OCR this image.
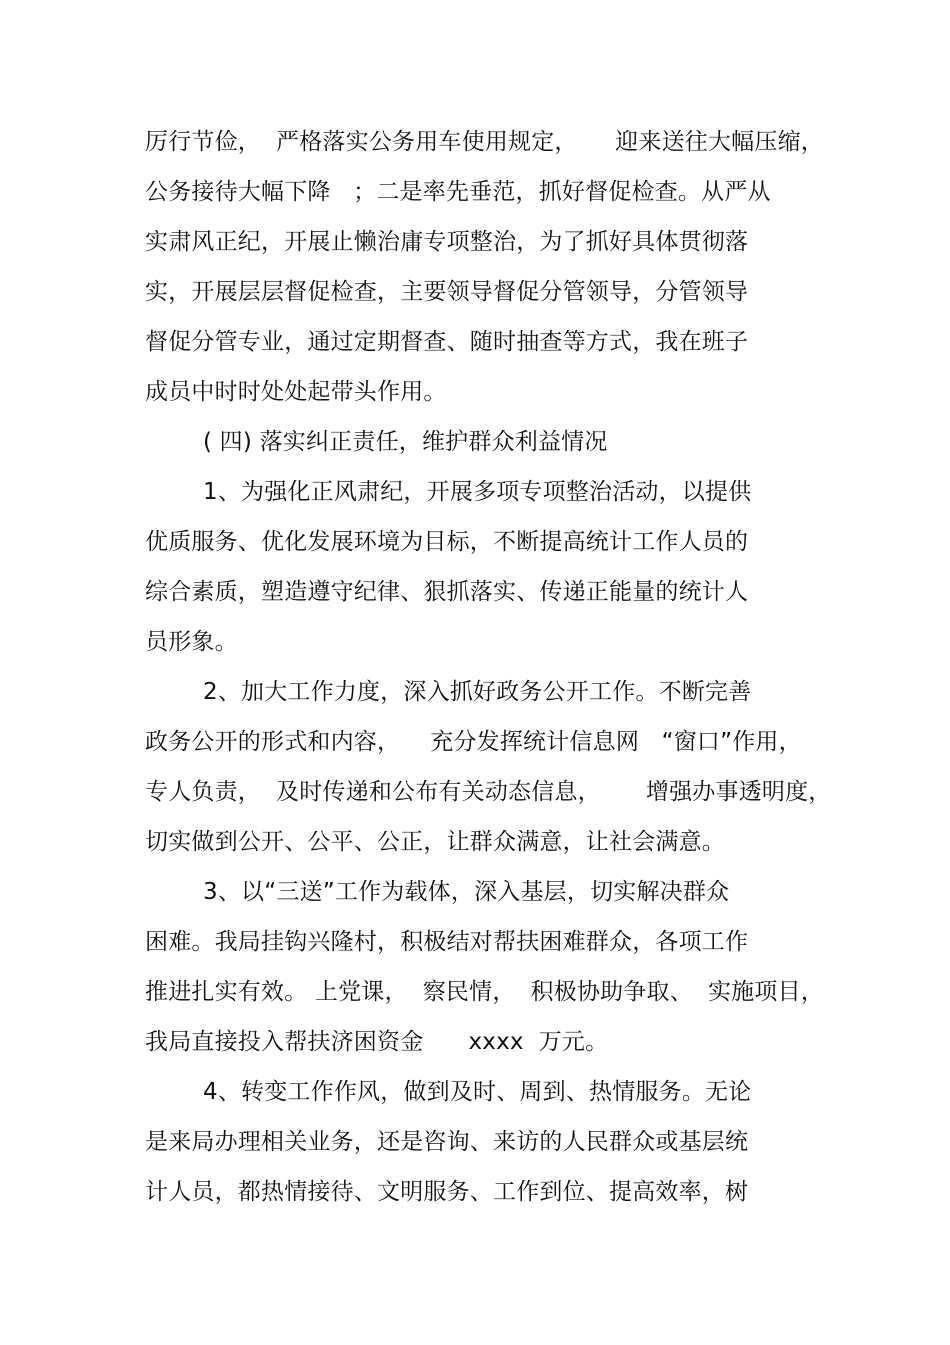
厉行节俭，  严格落实公务用车使用规定，     迎来送往大幅压缩，
公务接待大幅下降   ；二是率先垂范，抓好督促检查。从严从
实肃风正纪，开展止懒治庸专项整治，为了抓好具体贯彻落
实，开展层层督促检查，主要领导督促分管领导，分管领导
督促分管专业，通过定期督查、随时抽查等方式，我在班子
成员中时时处处起带头作用。
( 四) 落实纠正责任，维护群众利益情况
1、为强化正风肃纪，开展多项专项整治活动，以提供
优质服务、优化发展环境为目标，不断提高统计工作人员的
综合素质，塑造遵守纪律、狠抓落实、传递正能量的统计人
员形象。
2、加大工作力度，深入抓好政务公开工作。不断完善
政务公开的形式和内容，    充分发挥统计信息网   “窗口”作用，
专人负责，  及时传递和公布有关动态信息，      增强办事透明度，
切实做到公开、公平、公正，让群众满意，让社会满意。
3、以“三送”工作为载体，深入基层，切实解决群众
困难。我局挂钩兴隆村，积极结对帮扶困难群众，各项工作
推进扎实有效。 上党课，  察民情，  积极协助争取、  实施项目，
我局直接投入帮扶济困资金      xxxx  万元。
4、转变工作作风，做到及时、周到、热情服务。无论
是来局办理相关业务，还是咨询、来访的人民群众或基层统
计人员，都热情接待、文明服务、工作到位、提高效率，树
